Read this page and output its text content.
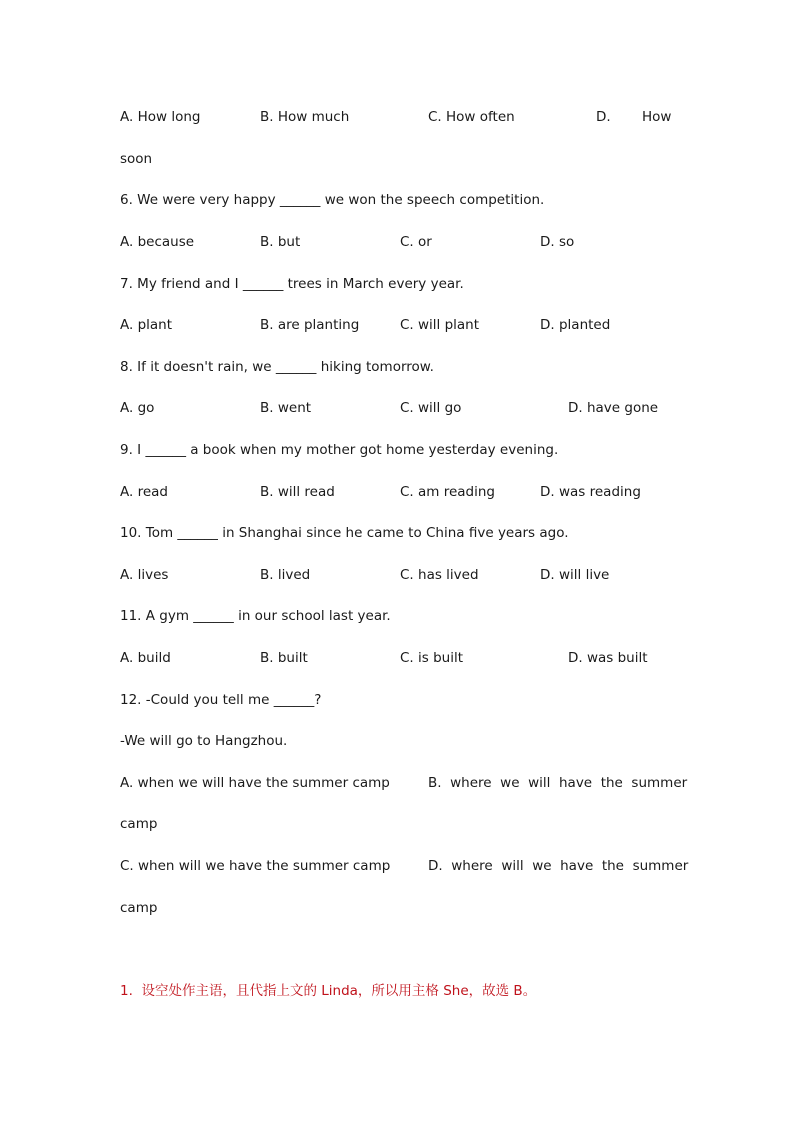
A. How long	B. How much	C. How often	D. How
soon
6. We were very happy ______ we won the speech competition.
A. because	B. but	C. or	D. so
7. My friend and I ______ trees in March every year.
A. plant	B. are planting	C. will plant	D. planted
8. If it doesn't rain, we ______ hiking tomorrow.
A. go	B. went	C. will go	D. have gone
9. I ______ a book when my mother got home yesterday evening.
A. read	B. will read	C. am reading	D. was reading
10. Tom ______ in Shanghai since he came to China five years ago.
A. lives	B. lived	C. has lived	D. will live
11. A gym ______ in our school last year.
A. build	B. built	C. is built	D. was built
12. -Could you tell me ______?
-We will go to Hangzhou.
A. when we will have the summer camp	B.  where  we  will  have  the  summer
camp
C. when will we have the summer camp	D.  where  will  we  have  the  summer
camp
1.  设空处作主语，且代指上文的 Linda，所以用主格 She，故选 B。
